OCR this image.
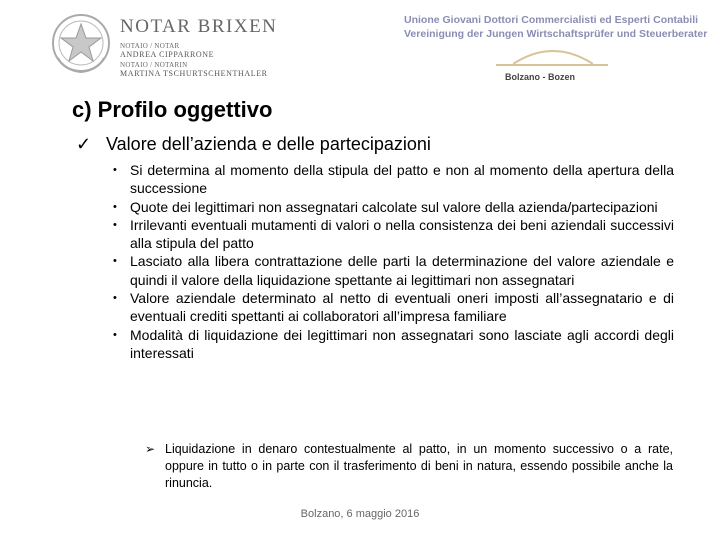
NOTAR BRIXEN
NOTAIO / NOTAR
ANDREA CIPPARRONE
NOTAIO / NOTARIN
MARTINA TSCHURTSCHENTHALER
Unione Giovani Dottori Commercialisti ed Esperti Contabili
Vereinigung der Jungen Wirtschaftsprüfer und Steuerberater
Bolzano - Bozen
c) Profilo oggettivo
✓ Valore dell’azienda e delle partecipazioni
• Si determina al momento della stipula del patto e non al momento della apertura della successione
• Quote dei legittimari non assegnatari calcolate sul valore della azienda/partecipazioni
• Irrilevanti eventuali mutamenti di valori o nella consistenza dei beni aziendali successivi alla stipula del patto
• Lasciato alla libera contrattazione delle parti la determinazione del valore aziendale e quindi il valore della liquidazione spettante ai legittimari non assegnatari
• Valore aziendale determinato al netto di eventuali oneri imposti all’assegnatario e di eventuali crediti spettanti ai collaboratori all’impresa familiare
• Modalità di liquidazione dei legittimari non assegnatari sono lasciate agli accordi degli interessati
➢ Liquidazione in denaro contestualmente al patto, in un momento successivo o a rate, oppure in tutto o in parte con il trasferimento di beni in natura, essendo possibile anche la rinuncia.
Bolzano, 6 maggio 2016
